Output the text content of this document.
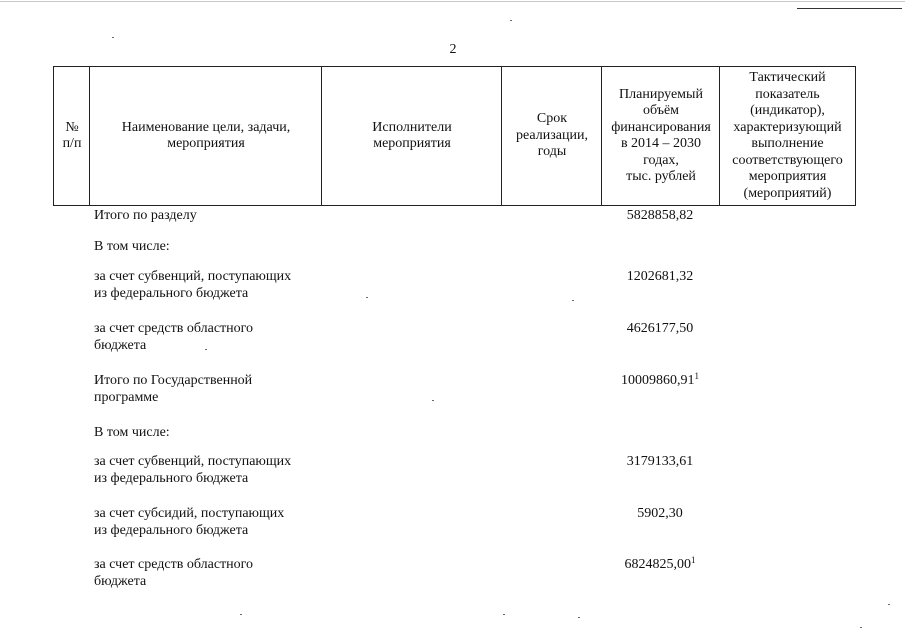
2
№
п/п
Наименование цели, задачи,
мероприятия
Исполнители
мероприятия
Срок
реализации,
годы
Планируемый
объём
финансирования
в 2014 – 2030
годах,
тыс. рублей
Тактический
показатель
(индикатор),
характеризующий
выполнение
соответствующего
мероприятия
(мероприятий)
Итого по разделу	5828858,82
В том числе:
за счет субвенций, поступающих
из федерального бюджета
1202681,32
за счет средств областного
бюджета
4626177,50
Итого по Государственной
программе
10009860,91$^1$
В том числе:
за счет субвенций, поступающих
из федерального бюджета
3179133,61
за счет субсидий, поступающих
из федерального бюджета
5902,30
за счет средств областного
бюджета
6824825,00$^1$
